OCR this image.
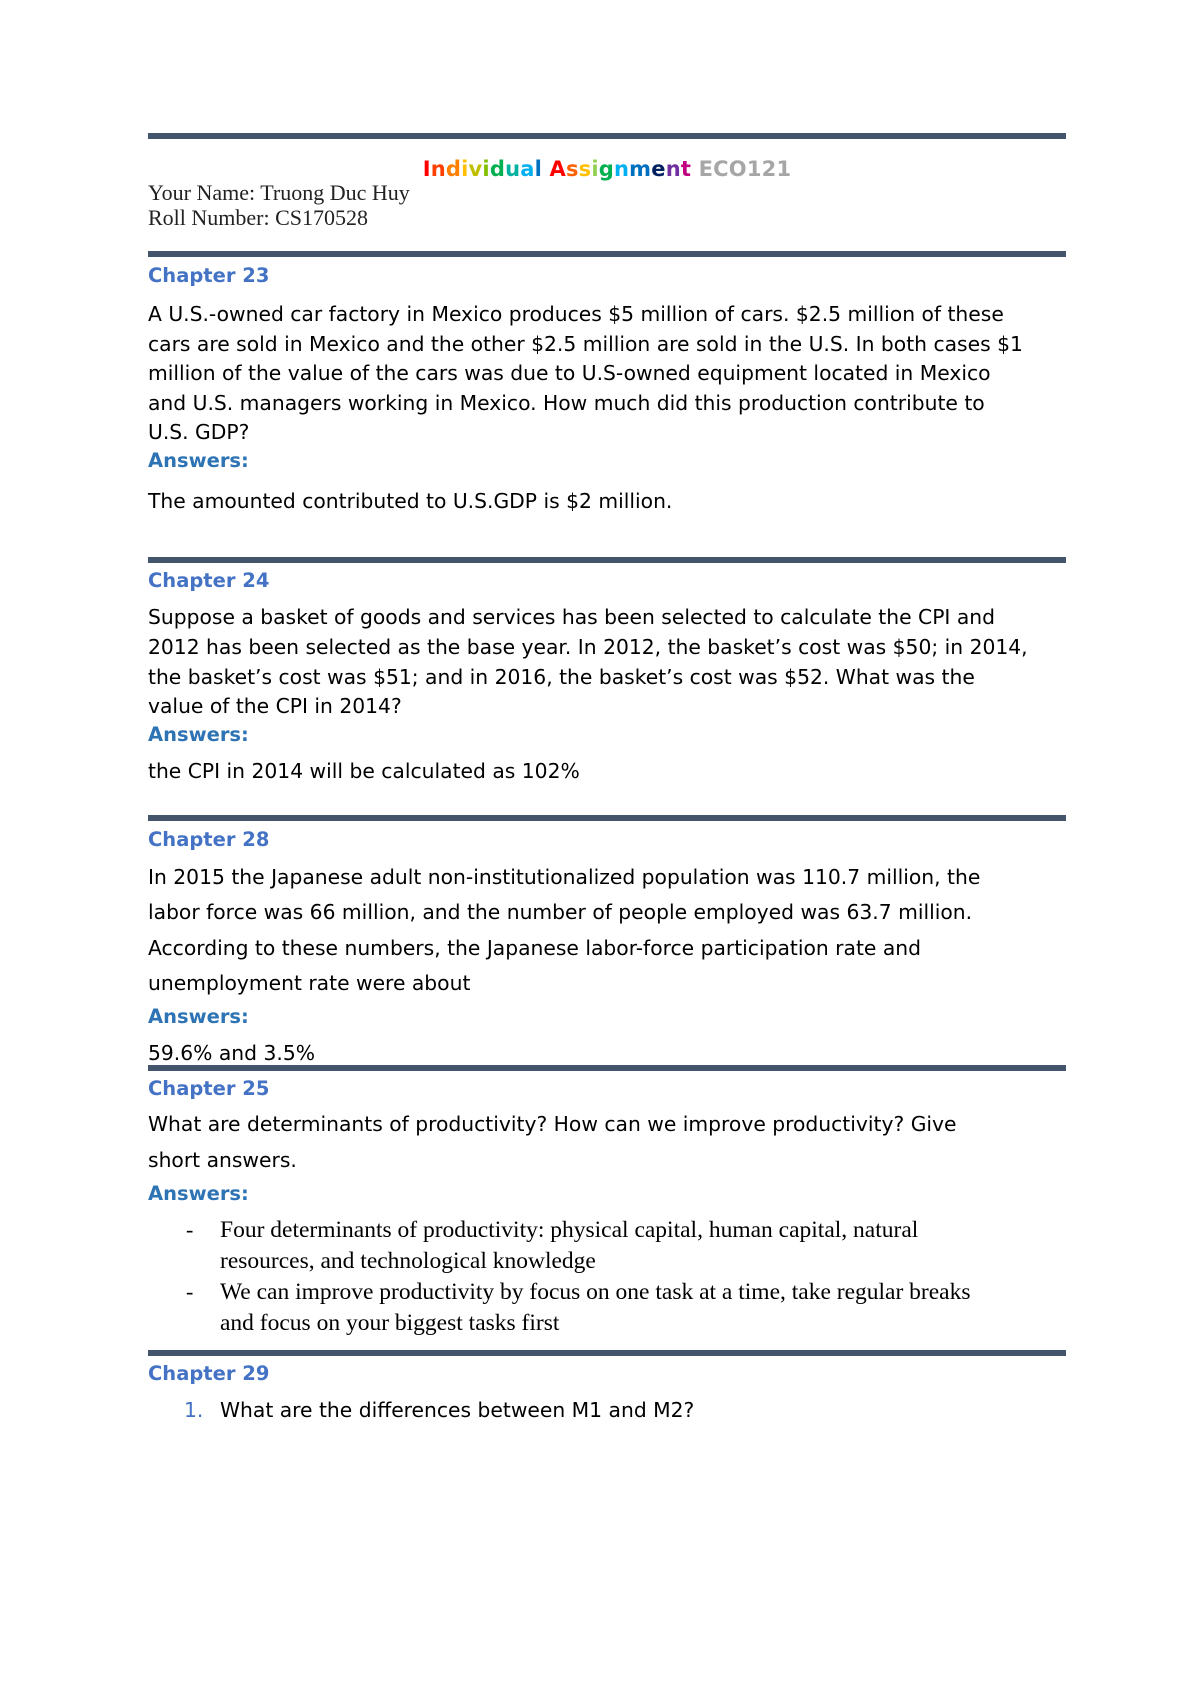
Individual Assignment ECO121
Your Name: Truong Duc Huy
Roll Number: CS170528
Chapter 23
A U.S.-owned car factory in Mexico produces $5 million of cars. $2.5 million of these
cars are sold in Mexico and the other $2.5 million are sold in the U.S. In both cases $1
million of the value of the cars was due to U.S-owned equipment located in Mexico
and U.S. managers working in Mexico. How much did this production contribute to
U.S. GDP?
Answers:
The amounted contributed to U.S.GDP is $2 million.
Chapter 24
Suppose a basket of goods and services has been selected to calculate the CPI and
2012 has been selected as the base year. In 2012, the basket’s cost was $50; in 2014,
the basket’s cost was $51; and in 2016, the basket’s cost was $52. What was the
value of the CPI in 2014?
Answers:
the CPI in 2014 will be calculated as 102%
Chapter 28
In 2015 the Japanese adult non-institutionalized population was 110.7 million, the
labor force was 66 million, and the number of people employed was 63.7 million.
According to these numbers, the Japanese labor-force participation rate and
unemployment rate were about
Answers:
59.6% and 3.5%
Chapter 25
What are determinants of productivity? How can we improve productivity? Give
short answers.
Answers:
- Four determinants of productivity: physical capital, human capital, natural
resources, and technological knowledge
- We can improve productivity by focus on one task at a time, take regular breaks
and focus on your biggest tasks first
Chapter 29
1. What are the differences between M1 and M2?
